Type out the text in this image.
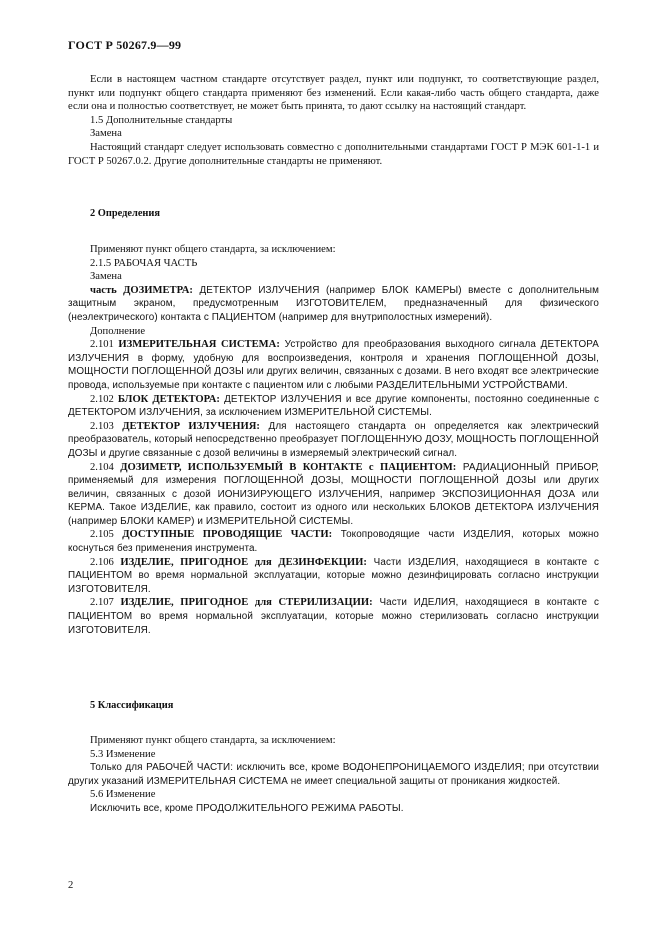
ГОСТ Р 50267.9—99

Если в настоящем частном стандарте отсутствует раздел, пункт или подпункт, то соответствующие раздел, пункт или подпункт общего стандарта применяют без изменений. Если какая-либо часть общего стандарта, даже если она и полностью соответствует, не может быть принята, то дают ссылку на настоящий стандарт.

1.5 Дополнительные стандарты

Замена

Настоящий стандарт следует использовать совместно с дополнительными стандартами ГОСТ Р МЭК 601-1-1 и ГОСТ Р 50267.0.2. Другие дополнительные стандарты не применяют.

2 Определения

Применяют пункт общего стандарта, за исключением:

2.1.5 РАБОЧАЯ ЧАСТЬ

Замена

часть ДОЗИМЕТРА: ДЕТЕКТОР ИЗЛУЧЕНИЯ (например БЛОК КАМЕРЫ) вместе с дополнительным защитным экраном, предусмотренным ИЗГОТОВИТЕЛЕМ, предназначенный для физического (неэлектрического) контакта с ПАЦИЕНТОМ (например для внутриполостных измерений).

Дополнение

2.101 ИЗМЕРИТЕЛЬНАЯ СИСТЕМА: Устройство для преобразования выходного сигнала ДЕТЕКТОРА ИЗЛУЧЕНИЯ в форму, удобную для воспроизведения, контроля и хранения ПОГЛОЩЕННОЙ ДОЗЫ, МОЩНОСТИ ПОГЛОЩЕННОЙ ДОЗЫ или других величин, связанных с дозами. В него входят все электрические провода, используемые при контакте с пациентом или с любыми РАЗДЕЛИТЕЛЬНЫМИ УСТРОЙСТВАМИ.

2.102 БЛОК ДЕТЕКТОРА: ДЕТЕКТОР ИЗЛУЧЕНИЯ и все другие компоненты, постоянно соединенные с ДЕТЕКТОРОМ ИЗЛУЧЕНИЯ, за исключением ИЗМЕРИТЕЛЬНОЙ СИСТЕМЫ.

2.103 ДЕТЕКТОР ИЗЛУЧЕНИЯ: Для настоящего стандарта он определяется как электрический преобразователь, который непосредственно преобразует ПОГЛОЩЕННУЮ ДОЗУ, МОЩНОСТЬ ПОГЛОЩЕННОЙ ДОЗЫ и другие связанные с дозой величины в измеряемый электрический сигнал.

2.104 ДОЗИМЕТР, ИСПОЛЬЗУЕМЫЙ В КОНТАКТЕ с ПАЦИЕНТОМ: РАДИАЦИОННЫЙ ПРИБОР, применяемый для измерения ПОГЛОЩЕННОЙ ДОЗЫ, МОЩНОСТИ ПОГЛОЩЕННОЙ ДОЗЫ или других величин, связанных с дозой ИОНИЗИРУЮЩЕГО ИЗЛУЧЕНИЯ, например ЭКСПОЗИЦИОННАЯ ДОЗА или КЕРМА. Такое ИЗДЕЛИЕ, как правило, состоит из одного или нескольких БЛОКОВ ДЕТЕКТОРА ИЗЛУЧЕНИЯ (например БЛОКИ КАМЕР) и ИЗМЕРИТЕЛЬНОЙ СИСТЕМЫ.

2.105 ДОСТУПНЫЕ ПРОВОДЯЩИЕ ЧАСТИ: Токопроводящие части ИЗДЕЛИЯ, которых можно коснуться без применения инструмента.

2.106 ИЗДЕЛИЕ, ПРИГОДНОЕ для ДЕЗИНФЕКЦИИ: Части ИЗДЕЛИЯ, находящиеся в контакте с ПАЦИЕНТОМ во время нормальной эксплуатации, которые можно дезинфицировать согласно инструкции ИЗГОТОВИТЕЛЯ.

2.107 ИЗДЕЛИЕ, ПРИГОДНОЕ для СТЕРИЛИЗАЦИИ: Части ИДЕЛИЯ, находящиеся в контакте с ПАЦИЕНТОМ во время нормальной эксплуатации, которые можно стерилизовать согласно инструкции ИЗГОТОВИТЕЛЯ.

5 Классификация

Применяют пункт общего стандарта, за исключением:

5.3 Изменение

Только для РАБОЧЕЙ ЧАСТИ: исключить все, кроме ВОДОНЕПРОНИЦАЕМОГО ИЗДЕЛИЯ; при отсутствии других указаний ИЗМЕРИТЕЛЬНАЯ СИСТЕМА не имеет специальной защиты от проникания жидкостей.

5.6 Изменение

Исключить все, кроме ПРОДОЛЖИТЕЛЬНОГО РЕЖИМА РАБОТЫ.

2
